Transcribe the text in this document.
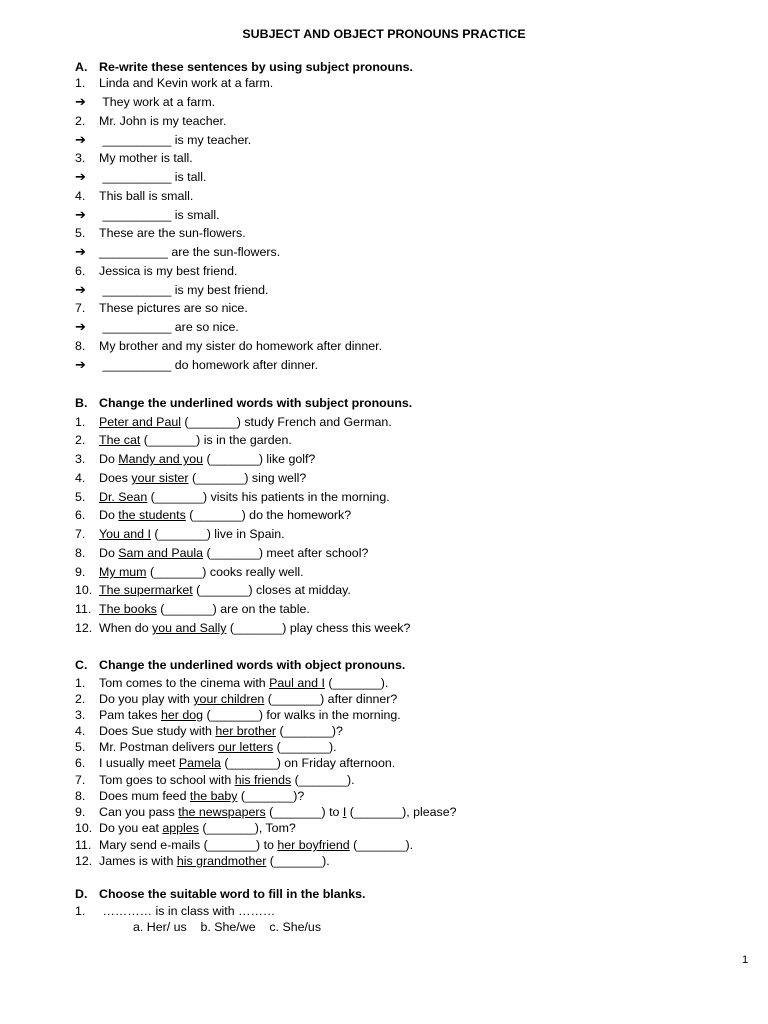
SUBJECT AND OBJECT PRONOUNS PRACTICE
A. Re-write these sentences by using subject pronouns.
1. Linda and Kevin work at a farm.
➔ They work at a farm.
2. Mr. John is my teacher.
➔ __________ is my teacher.
3. My mother is tall.
➔ __________ is tall.
4. This ball is small.
➔ __________ is small.
5. These are the sun-flowers.
➔ __________ are the sun-flowers.
6. Jessica is my best friend.
➔ __________ is my best friend.
7. These pictures are so nice.
➔ __________ are so nice.
8. My brother and my sister do homework after dinner.
➔ __________ do homework after dinner.
B. Change the underlined words with subject pronouns.
1. Peter and Paul (_______) study French and German.
2. The cat (_______) is in the garden.
3. Do Mandy and you (_______) like golf?
4. Does your sister (_______) sing well?
5. Dr. Sean (_______) visits his patients in the morning.
6. Do the students (_______) do the homework?
7. You and I (_______) live in Spain.
8. Do Sam and Paula (_______) meet after school?
9. My mum (_______) cooks really well.
10. The supermarket (_______) closes at midday.
11. The books (_______) are on the table.
12. When do you and Sally (_______) play chess this week?
C. Change the underlined words with object pronouns.
1. Tom comes to the cinema with Paul and I (_______).
2. Do you play with your children (_______) after dinner?
3. Pam takes her dog (_______) for walks in the morning.
4. Does Sue study with her brother (_______)?
5. Mr. Postman delivers our letters (_______).
6. I usually meet Pamela (_______) on Friday afternoon.
7. Tom goes to school with his friends (_______).
8. Does mum feed the baby (_______)?
9. Can you pass the newspapers (_______) to I (_______), please?
10. Do you eat apples (_______), Tom?
11. Mary send e-mails (_______) to her boyfriend (_______).
12. James is with his grandmother (_______).
D. Choose the suitable word to fill in the blanks.
1. ………… is in class with ………
a. Her/ us    b. She/we    c. She/us
1
